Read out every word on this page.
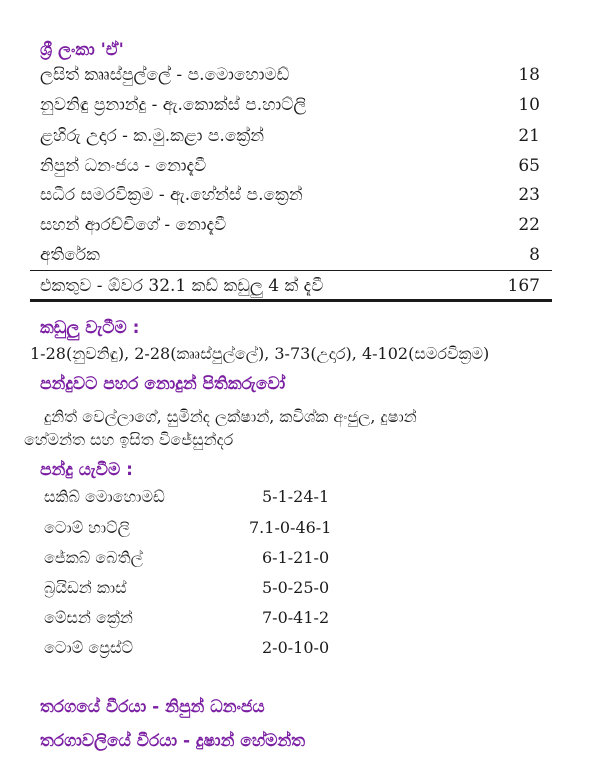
ශ්‍රී ලංකා 'ඒ'
ලසිත් කෲස්පුල්ලේ - ප.මොහොමඩ්	18
නුවනිඳු ප්‍රනාන්දු - ඇ.කොක්ස් ප.හාට්ලි	10
ළහිරු උදාර - ක.මු.කළා ප.ක්‍රේන්	21
නිපුන් ධනංජය - නොදැවී	65
සධීර සමරවික්‍රම - ඇ.හේන්ස් ප.ක්‍රෙන්	23
සහන් ආරච්චිගේ - නොදැවී	22
අතිරේක	8
එකතුව - ඕවර 32.1 කඩ් කඩුලු 4 ක් දැවී	167
කඩුලු වැටීම :
1-28(නුවනිඳු), 2-28(කෲස්පුල්ලේ), 3-73(උදාර), 4-102(සමරවික්‍රම)
පන්දුවට පහර නොදුන් පිතිකරුවෝ
දුනිත් වෙල්ලාගේ, සුමින්ද ලක්ෂාන්, කවිශ්ක අංජුල, දුෂාන්
හේමන්ත සහ ඉසිත විජේසුන්දර
පන්දු යැවීම :
සකිබ් මොහොමඩ්	5-1-24-1
ටොම් හාට්ලි	7.1-0-46-1
ජේකබ් බෙතිල්	6-1-21-0
බ්‍රයිඩන් කාස්	5-0-25-0
මේසන් ක්‍රේන්	7-0-41-2
ටොම් ප්‍රෙස්ට්	2-0-10-0
තරගයේ වීරයා - නිපුන් ධනංජය
තරගාවලියේ වීරයා - දුෂාන් හේමන්ත
